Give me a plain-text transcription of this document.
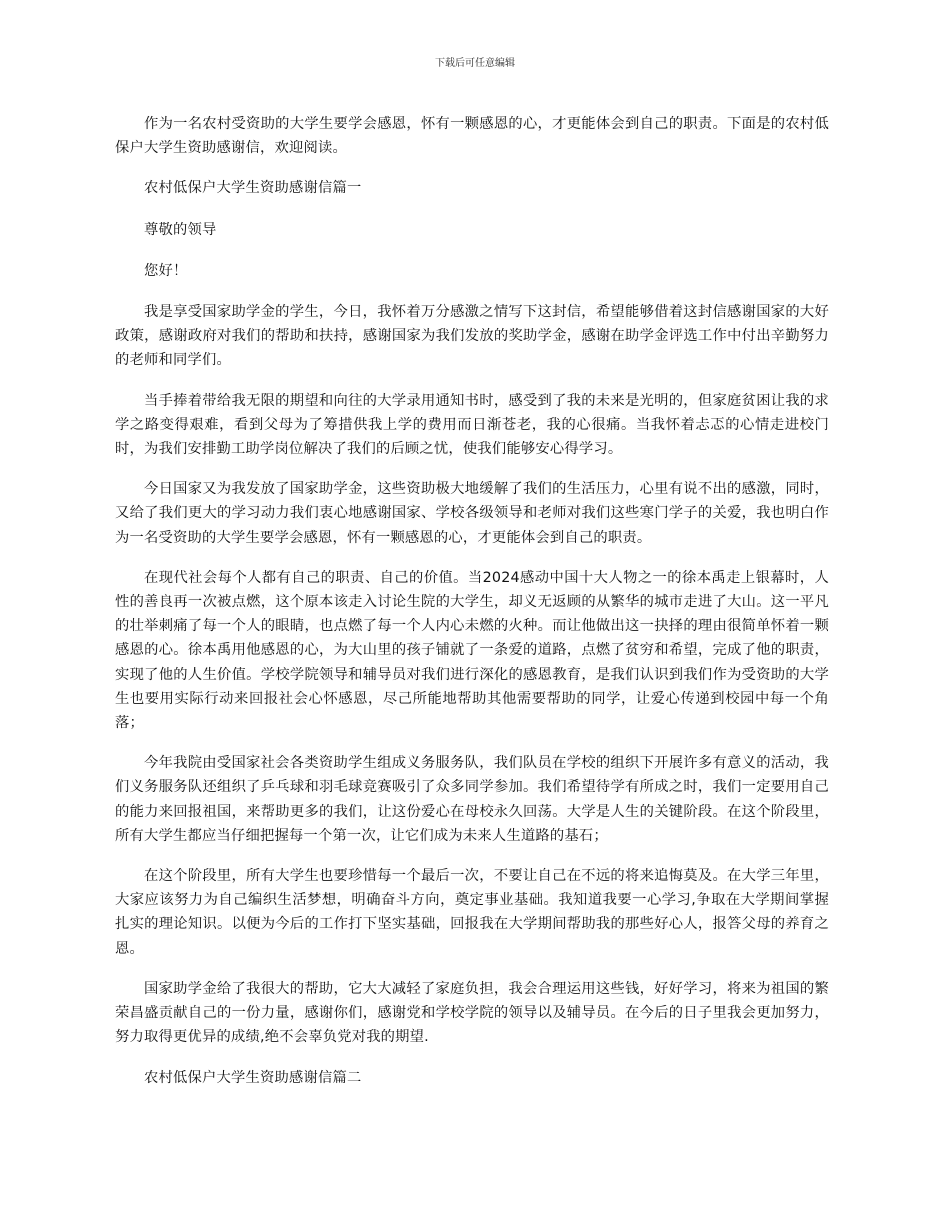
下载后可任意编辑

作为一名农村受资助的大学生要学会感恩，怀有一颗感恩的心，才更能体会到自己的职责。下面是的农村低保户大学生资助感谢信，欢迎阅读。

农村低保户大学生资助感谢信篇一

尊敬的领导

您好！

我是享受国家助学金的学生，今日，我怀着万分感激之情写下这封信，希望能够借着这封信感谢国家的大好政策，感谢政府对我们的帮助和扶持，感谢国家为我们发放的奖助学金，感谢在助学金评选工作中付出辛勤努力的老师和同学们。

当手捧着带给我无限的期望和向往的大学录用通知书时，感受到了我的未来是光明的，但家庭贫困让我的求学之路变得艰难，看到父母为了筹措供我上学的费用而日渐苍老，我的心很痛。当我怀着忐忑的心情走进校门时，为我们安排勤工助学岗位解决了我们的后顾之忧，使我们能够安心得学习。

今日国家又为我发放了国家助学金，这些资助极大地缓解了我们的生活压力，心里有说不出的感激，同时，又给了我们更大的学习动力我们衷心地感谢国家、学校各级领导和老师对我们这些寒门学子的关爱，我也明白作为一名受资助的大学生要学会感恩，怀有一颗感恩的心，才更能体会到自己的职责。

在现代社会每个人都有自己的职责、自己的价值。当2024感动中国十大人物之一的徐本禹走上银幕时，人性的善良再一次被点燃，这个原本该走入讨论生院的大学生，却义无返顾的从繁华的城市走进了大山。这一平凡的壮举刺痛了每一个人的眼睛，也点燃了每一个人内心未燃的火种。而让他做出这一抉择的理由很简单怀着一颗感恩的心。徐本禹用他感恩的心，为大山里的孩子铺就了一条爱的道路，点燃了贫穷和希望，完成了他的职责，实现了他的人生价值。学校学院领导和辅导员对我们进行深化的感恩教育，是我们认识到我们作为受资助的大学生也要用实际行动来回报社会心怀感恩，尽己所能地帮助其他需要帮助的同学，让爱心传递到校园中每一个角落；

今年我院由受国家社会各类资助学生组成义务服务队，我们队员在学校的组织下开展许多有意义的活动，我们义务服务队还组织了乒乓球和羽毛球竞赛吸引了众多同学参加。我们希望待学有所成之时，我们一定要用自己的能力来回报祖国，来帮助更多的我们，让这份爱心在母校永久回荡。大学是人生的关键阶段。在这个阶段里，所有大学生都应当仔细把握每一个第一次，让它们成为未来人生道路的基石；

在这个阶段里，所有大学生也要珍惜每一个最后一次，不要让自己在不远的将来追悔莫及。在大学三年里，大家应该努力为自己编织生活梦想，明确奋斗方向，奠定事业基础。我知道我要一心学习,争取在大学期间掌握扎实的理论知识。以便为今后的工作打下坚实基础，回报我在大学期间帮助我的那些好心人，报答父母的养育之恩。

国家助学金给了我很大的帮助，它大大减轻了家庭负担，我会合理运用这些钱，好好学习，将来为祖国的繁荣昌盛贡献自己的一份力量，感谢你们，感谢党和学校学院的领导以及辅导员。在今后的日子里我会更加努力，努力取得更优异的成绩,绝不会辜负党对我的期望.

农村低保户大学生资助感谢信篇二
